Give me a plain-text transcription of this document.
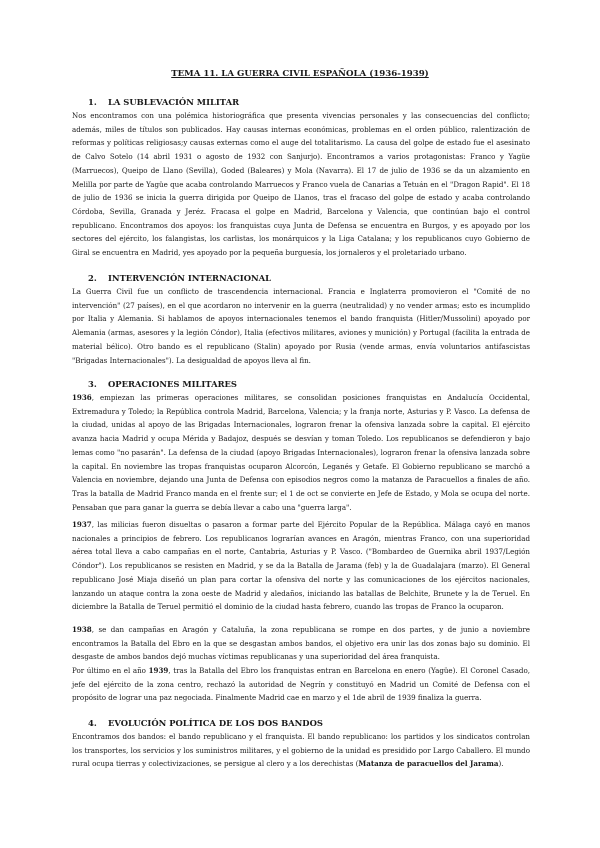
TEMA 11. LA GUERRA CIVIL ESPAÑOLA (1936-1939)
1. LA SUBLEVACIÓN MILITAR
Nos encontramos con una polémica historiográfica que presenta vivencias personales y las consecuencias del conflicto; además, miles de títulos son publicados. Hay causas internas económicas, problemas en el orden público, ralentización de reformas y políticas religiosas;y causas externas como el auge del totalitarismo. La causa del golpe de estado fue el asesinato de Calvo Sotelo (14 abril 1931 o agosto de 1932 con Sanjurjo). Encontramos a varios protagonistas: Franco y Yagüe (Marruecos), Queipo de Llano (Sevilla), Goded (Baleares) y Mola (Navarra). El 17 de julio de 1936 se da un alzamiento en Melilla por parte de Yagüe que acaba controlando Marruecos y Franco vuela de Canarias a Tetuán en el "Dragon Rapid". El 18 de julio de 1936 se inicia la guerra dirigida por Queipo de Llanos, tras el fracaso del golpe de estado y acaba controlando Córdoba, Sevilla, Granada y Jeréz. Fracasa el golpe en Madrid, Barcelona y Valencia, que continúan bajo el control republicano. Encontramos dos apoyos: los franquistas cuya Junta de Defensa se encuentra en Burgos, y es apoyado por los sectores del ejército, los falangistas, los carlistas, los monárquicos y la Liga Catalana; y los republicanos cuyo Gobierno de Giral se encuentra en Madrid, yes apoyado por la pequeña burguesía, los jornaleros y el proletariado urbano.
2. INTERVENCIÓN INTERNACIONAL
La Guerra Civil fue un conflicto de trascendencia internacional. Francia e Inglaterra promovieron el "Comité de no intervención" (27 países), en el que acordaron no intervenir en la guerra (neutralidad) y no vender armas; esto es incumplido por Italia y Alemania. Si hablamos de apoyos internacionales tenemos el bando franquista (Hitler/Mussolini) apoyado por Alemania (armas, asesores y la legión Cóndor), Italia (efectivos militares, aviones y munición) y Portugal (facilita la entrada de material bélico). Otro bando es el republicano (Stalin) apoyado por Rusia (vende armas, envía voluntarios antifascistas "Brigadas Internacionales"). La desigualdad de apoyos lleva al fin.
3. OPERACIONES MILITARES
1936, empiezan las primeras operaciones militares, se consolidan posiciones franquistas en Andalucía Occidental, Extremadura y Toledo; la República controla Madrid, Barcelona, Valencia; y la franja norte, Asturias y P. Vasco. La defensa de la ciudad, unidas al apoyo de las Brigadas Internacionales, lograron frenar la ofensiva lanzada sobre la capital. El ejército avanza hacia Madrid y ocupa Mérida y Badajoz, después se desvían y toman Toledo. Los republicanos se defendieron y bajo lemas como "no pasarán". La defensa de la ciudad (apoyo Brigadas Internacionales), lograron frenar la ofensiva lanzada sobre la capital. En noviembre las tropas franquistas ocuparon Alcorcón, Leganés y Getafe. El Gobierno republicano se marchó a Valencia en noviembre, dejando una Junta de Defensa con episodios negros como la matanza de Paracuellos a finales de año. Tras la batalla de Madrid Franco manda en el frente sur; el 1 de oct se convierte en Jefe de Estado, y Mola se ocupa del norte. Pensaban que para ganar la guerra se debía llevar a cabo una "guerra larga".
1937, las milicias fueron disueltas o pasaron a formar parte del Ejército Popular de la República. Málaga cayó en manos nacionales a principios de febrero. Los republicanos lograrían avances en Aragón, mientras Franco, con una superioridad aérea total lleva a cabo campañas en el norte, Cantabria, Asturias y P. Vasco. ("Bombardeo de Guernika abril 1937/Legión Cóndor"). Los republicanos se resisten en Madrid, y se da la Batalla de Jarama (feb) y la de Guadalajara (marzo). El General republicano José Miaja diseñó un plan para cortar la ofensiva del norte y las comunicaciones de los ejércitos nacionales, lanzando un ataque contra la zona oeste de Madrid y aledaños, iniciando las batallas de Belchite, Brunete y la de Teruel. En diciembre la Batalla de Teruel permitió el dominio de la ciudad hasta febrero, cuando las tropas de Franco la ocuparon.
1938, se dan campañas en Aragón y Cataluña, la zona republicana se rompe en dos partes, y de junio a noviembre encontramos la Batalla del Ebro en la que se desgastan ambos bandos, el objetivo era unir las dos zonas bajo su dominio. El desgaste de ambos bandos dejó muchas víctimas republicanas y una superioridad del área franquista.
Por último en el año 1939, tras la Batalla del Ebro los franquistas entran en Barcelona en enero (Yagüe). El Coronel Casado, jefe del ejército de la zona centro, rechazó la autoridad de Negrín y constituyó en Madrid un Comité de Defensa con el propósito de lograr una paz negociada. Finalmente Madrid cae en marzo y el 1de abril de 1939 finaliza la guerra.
4. EVOLUCIÓN POLÍTICA DE LOS DOS BANDOS
Encontramos dos bandos: el bando republicano y el franquista. El bando republicano: los partidos y los sindicatos controlan los transportes, los servicios y los suministros militares, y el gobierno de la unidad es presidido por Largo Caballero. El mundo rural ocupa tierras y colectivizaciones, se persigue al clero y a los derechistas (Matanza de paracuellos del Jarama).
